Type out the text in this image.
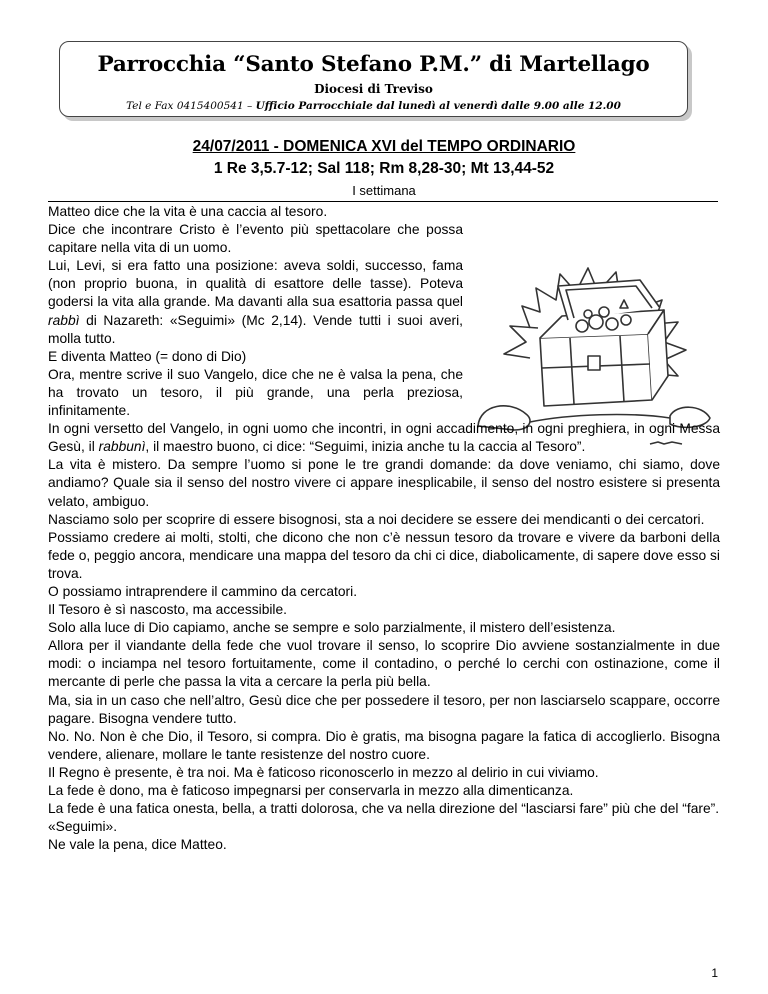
Parrocchia “Santo Stefano P.M.” di Martellago
Diocesi di Treviso
Tel e Fax 0415400541 – Ufficio Parrocchiale dal lunedì al venerdì dalle 9.00 alle 12.00
24/07/2011 - DOMENICA XVI del TEMPO ORDINARIO
1 Re 3,5.7-12; Sal 118; Rm 8,28-30; Mt 13,44-52
I settimana

Matteo dice che la vita è una caccia al tesoro.

Dice che incontrare Cristo è l’evento più spettacolare che possa capitare nella vita di un uomo.

Lui, Levi, si era fatto una posizione: aveva soldi, successo, fama (non proprio buona, in qualità di esattore delle tasse). Poteva godersi la vita alla grande. Ma davanti alla sua esattoria passa quel rabbì di Nazareth: «Seguimi» (Mc 2,14). Vende tutti i suoi averi, molla tutto.

E diventa Matteo (= dono di Dio)

Ora, mentre scrive il suo Vangelo, dice che ne è valsa la pena, che ha trovato un tesoro, il più grande, una perla preziosa, infinitamente.

In ogni versetto del Vangelo, in ogni uomo che incontri, in ogni accadimento, in ogni preghiera, in ogni Messa Gesù, il rabbunì, il maestro buono, ci dice: “Seguimi, inizia anche tu la caccia al Tesoro”.

La vita è mistero. Da sempre l’uomo si pone le tre grandi domande: da dove veniamo, chi siamo, dove andiamo? Quale sia il senso del nostro vivere ci appare inesplicabile, il senso del nostro esistere si presenta velato, ambiguo.

Nasciamo solo per scoprire di essere bisognosi, sta a noi decidere se essere dei mendicanti o dei cercatori.

Possiamo credere ai molti, stolti, che dicono che non c’è nessun tesoro da trovare e vivere da barboni della fede o, peggio ancora, mendicare una mappa del tesoro da chi ci dice, diabolicamente, di sapere dove esso si trova.

O possiamo intraprendere il cammino da cercatori.

Il Tesoro è sì nascosto, ma accessibile.

Solo alla luce di Dio capiamo, anche se sempre e solo parzialmente, il mistero dell’esistenza.

Allora per il viandante della fede che vuol trovare il senso, lo scoprire Dio avviene sostanzialmente in due modi: o inciampa nel tesoro fortuitamente, come il contadino, o perché lo cerchi con ostinazione, come il mercante di perle che passa la vita a cercare la perla più bella.

Ma, sia in un caso che nell’altro, Gesù dice che per possedere il tesoro, per non lasciarselo scappare, occorre pagare. Bisogna vendere tutto.

No. No. Non è che Dio, il Tesoro, si compra. Dio è gratis, ma bisogna pagare la fatica di accoglierlo. Bisogna vendere, alienare, mollare le tante resistenze del nostro cuore.

Il Regno è presente, è tra noi. Ma è faticoso riconoscerlo in mezzo al delirio in cui viviamo.

La fede è dono, ma è faticoso impegnarsi per conservarla in mezzo alla dimenticanza.

La fede è una fatica onesta, bella, a tratti dolorosa, che va nella direzione del “lasciarsi fare” più che del “fare”.

«Seguimi».

Ne vale la pena, dice Matteo.

1
